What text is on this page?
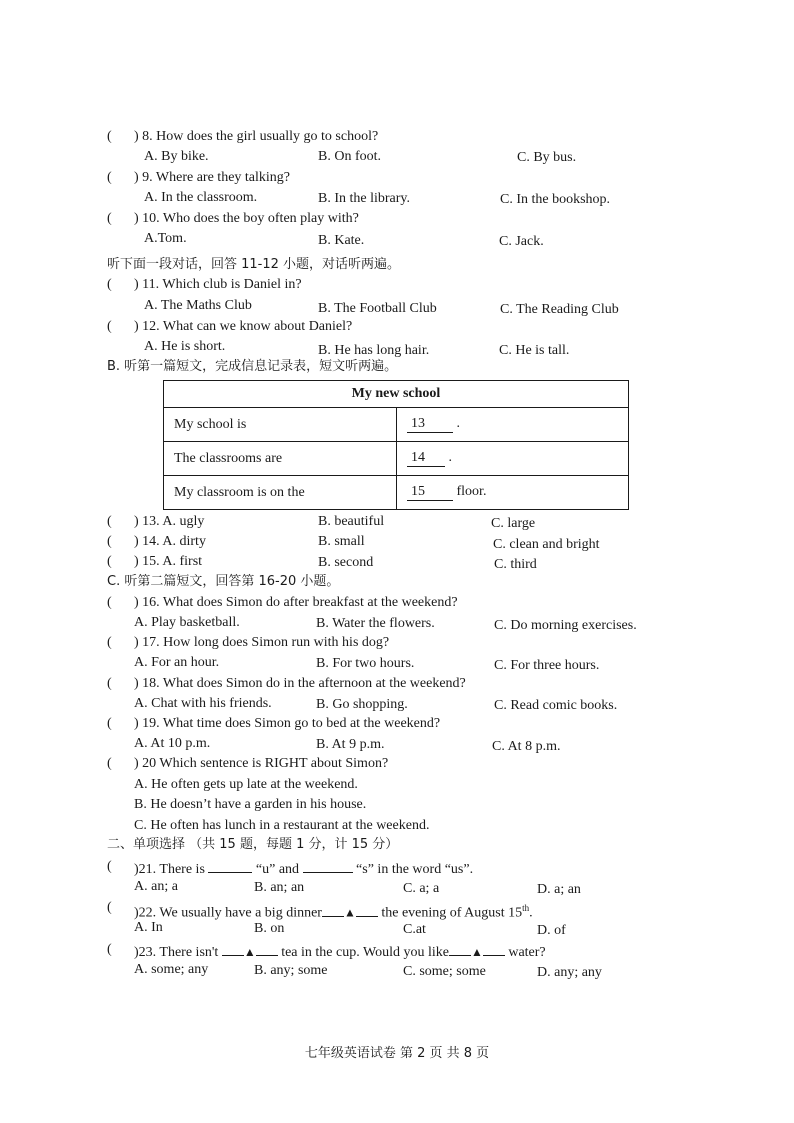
( ) 8. How does the girl usually go to school?
A. By bike.	B. On foot.	C. By bus.
( ) 9. Where are they talking?
A. In the classroom.	B. In the library.	C. In the bookshop.
( ) 10. Who does the boy often play with?
A.Tom.	B. Kate.	C. Jack.
听下面一段对话，回答 11-12 小题，对话听两遍。
( ) 11. Which club is Daniel in?
A. The Maths Club	B. The Football Club	C. The Reading Club
( ) 12. What can we know about Daniel?
A. He is short.	B. He has long hair.	C. He is tall.
B. 听第一篇短文，完成信息记录表，短文听两遍。
My new school	
My school is	13 .
The classrooms are	14 .
My classroom is on the	15 floor.
( ) 13. A. ugly	B. beautiful	C. large
( ) 14. A. dirty	B. small	C. clean and bright
( ) 15. A. first	B. second	C. third
C. 听第二篇短文，回答第 16-20 小题。
( ) 16. What does Simon do after breakfast at the weekend?
A. Play basketball.	B. Water the flowers.	C. Do morning exercises.
( ) 17. How long does Simon run with his dog?
A. For an hour.	B. For two hours.	C. For three hours.
( ) 18. What does Simon do in the afternoon at the weekend?
A. Chat with his friends.	B. Go shopping.	C. Read comic books.
( ) 19. What time does Simon go to bed at the weekend?
A. At 10 p.m.	B. At 9 p.m.	C. At 8 p.m.
( ) 20 Which sentence is RIGHT about Simon?
A. He often gets up late at the weekend.
B. He doesn’t have a garden in his house.
C. He often has lunch in a restaurant at the weekend.
二、单项选择 （共 15 题，每题 1 分，计 15 分）
( )21. There is	“u” and	“s” in the word “us”.
A. an; a	B. an; an	C. a; a	D. a; an
( )22. We usually have a big dinner ▲ the evening of August 15th.
A. In	B. on	C.at	D. of
( )23. There isn't ▲ tea in the cup. Would you like ▲ water?
A. some; any	B. any; some	C. some; some	D. any; any
七年级英语试卷 第 2 页 共 8 页
